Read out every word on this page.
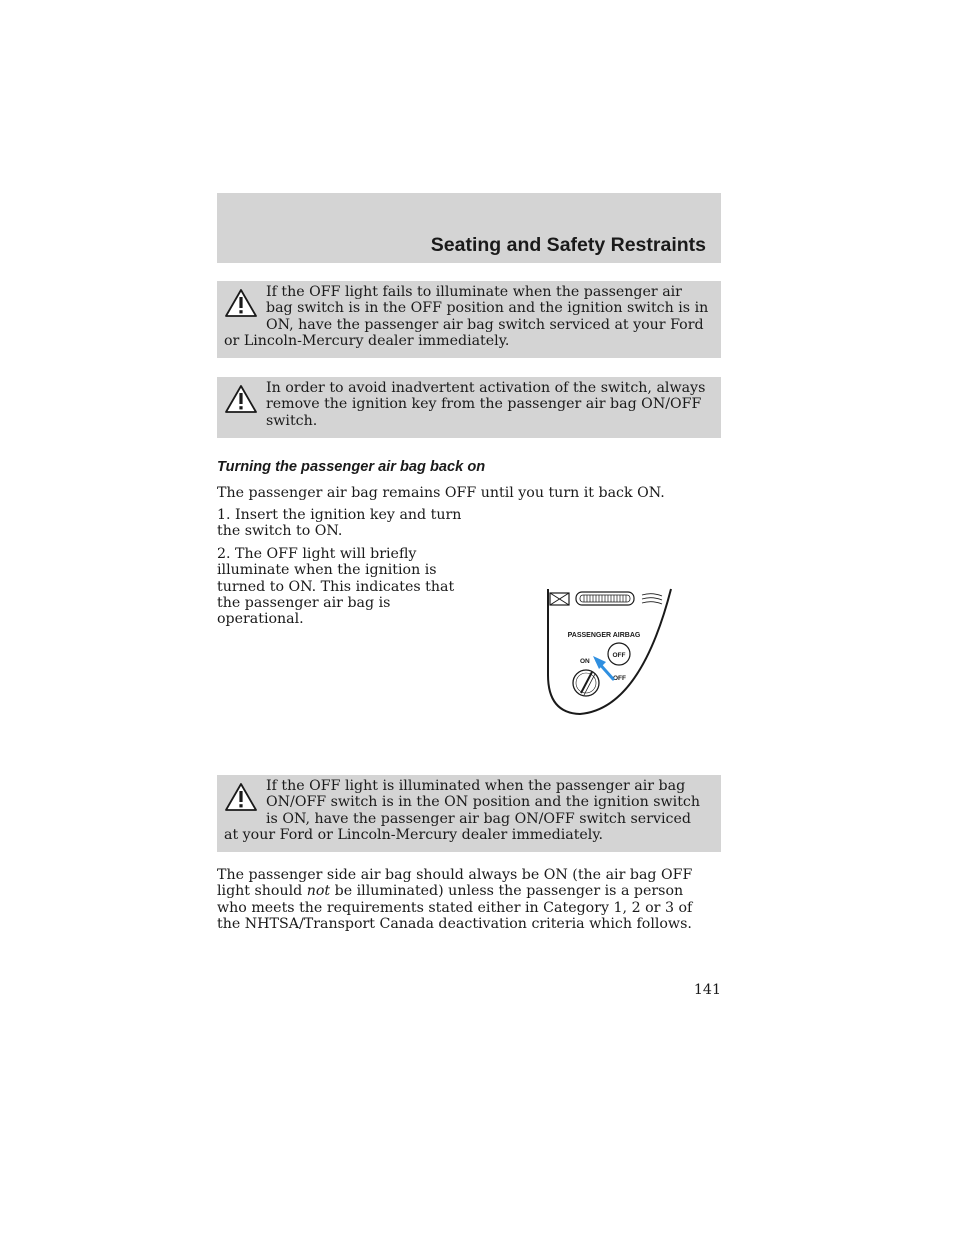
Seating and Safety Restraints

If the OFF light fails to illuminate when the passenger air bag switch is in the OFF position and the ignition switch is in ON, have the passenger air bag switch serviced at your Ford or Lincoln-Mercury dealer immediately.

In order to avoid inadvertent activation of the switch, always remove the ignition key from the passenger air bag ON/OFF switch.

Turning the passenger air bag back on

The passenger air bag remains OFF until you turn it back ON.

1. Insert the ignition key and turn the switch to ON.

2. The OFF light will briefly illuminate when the ignition is turned to ON. This indicates that the passenger air bag is operational.

PASSENGER AIRBAG
OFF
ON
OFF

If the OFF light is illuminated when the passenger air bag ON/OFF switch is in the ON position and the ignition switch is ON, have the passenger air bag ON/OFF switch serviced at your Ford or Lincoln-Mercury dealer immediately.

The passenger side air bag should always be ON (the air bag OFF light should not be illuminated) unless the passenger is a person who meets the requirements stated either in Category 1, 2 or 3 of the NHTSA/Transport Canada deactivation criteria which follows.

141
